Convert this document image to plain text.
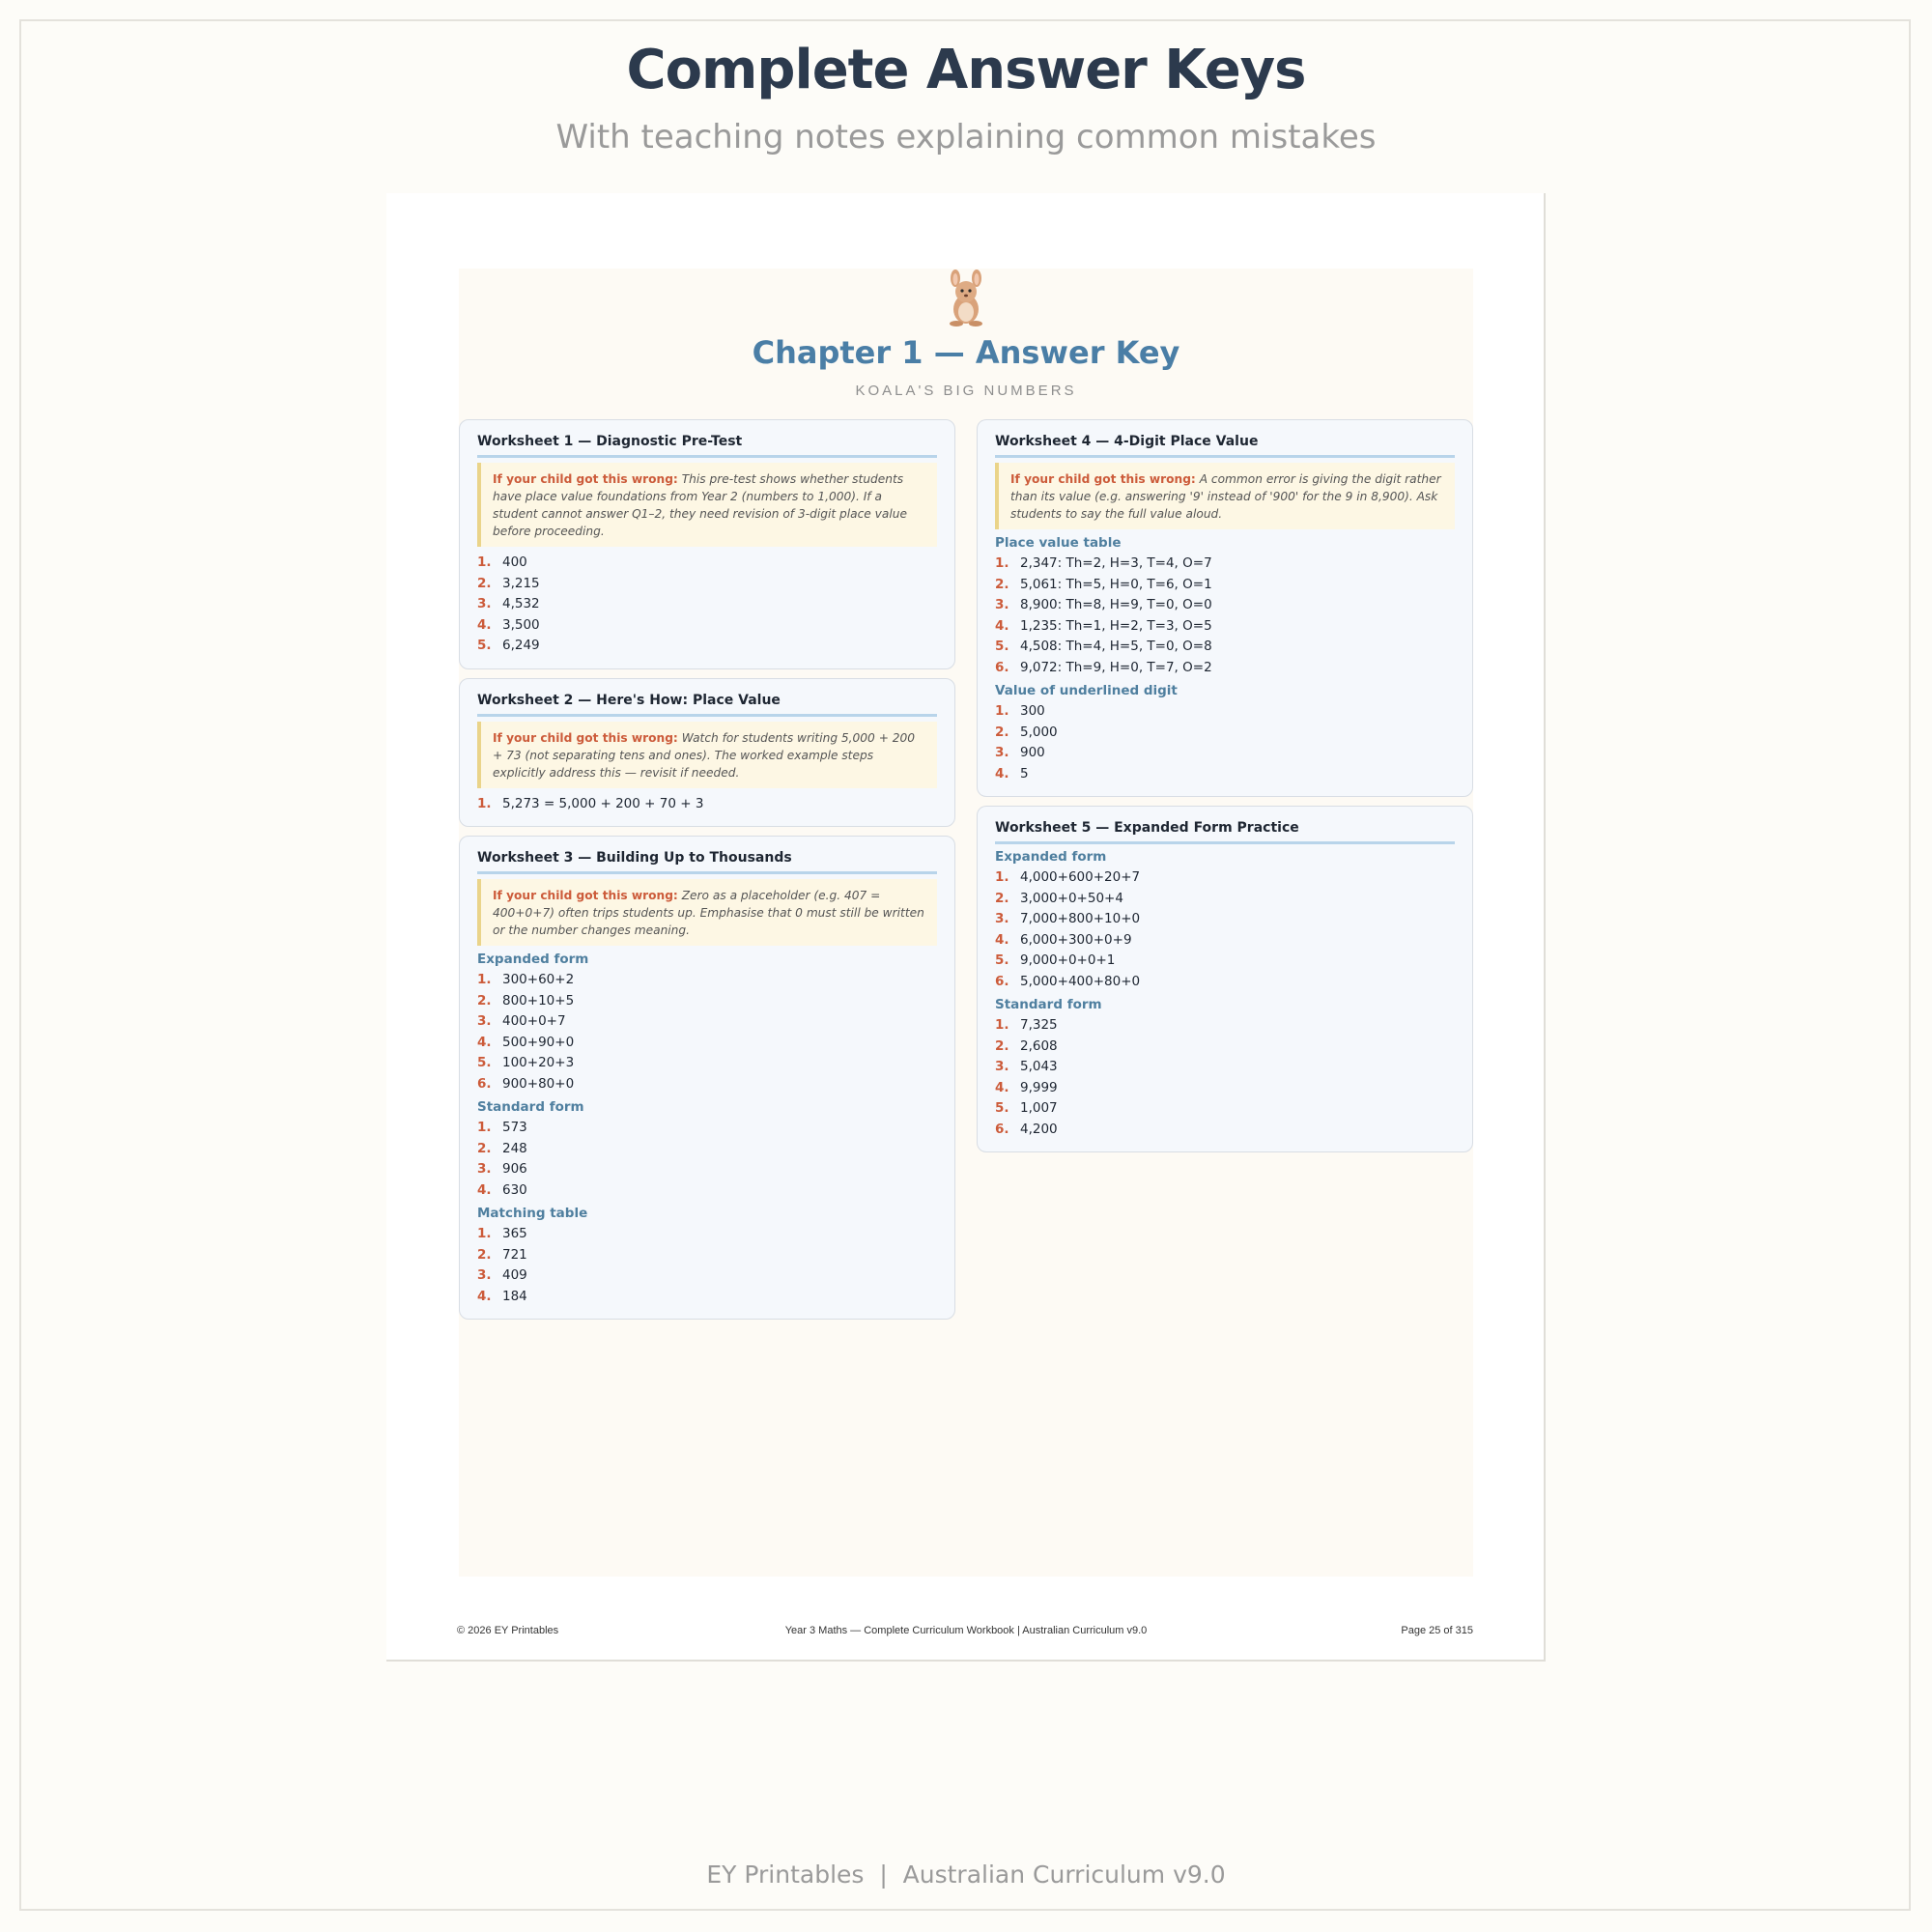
Complete Answer Keys
With teaching notes explaining common mistakes
Chapter 1 — Answer Key
KOALA'S BIG NUMBERS
Worksheet 1 — Diagnostic Pre-Test
If your child got this wrong: This pre-test shows whether students have place value foundations from Year 2 (numbers to 1,000). If a student cannot answer Q1–2, they need revision of 3-digit place value before proceeding.
1. 400
2. 3,215
3. 4,532
4. 3,500
5. 6,249
Worksheet 2 — Here's How: Place Value
If your child got this wrong: Watch for students writing 5,000 + 200 + 73 (not separating tens and ones). The worked example steps explicitly address this — revisit if needed.
1. 5,273 = 5,000 + 200 + 70 + 3
Worksheet 3 — Building Up to Thousands
If your child got this wrong: Zero as a placeholder (e.g. 407 = 400+0+7) often trips students up. Emphasise that 0 must still be written or the number changes meaning.
Expanded form
1. 300+60+2
2. 800+10+5
3. 400+0+7
4. 500+90+0
5. 100+20+3
6. 900+80+0
Standard form
1. 573
2. 248
3. 906
4. 630
Matching table
1. 365
2. 721
3. 409
4. 184
Worksheet 4 — 4-Digit Place Value
If your child got this wrong: A common error is giving the digit rather than its value (e.g. answering '9' instead of '900' for the 9 in 8,900). Ask students to say the full value aloud.
Place value table
1. 2,347: Th=2, H=3, T=4, O=7
2. 5,061: Th=5, H=0, T=6, O=1
3. 8,900: Th=8, H=9, T=0, O=0
4. 1,235: Th=1, H=2, T=3, O=5
5. 4,508: Th=4, H=5, T=0, O=8
6. 9,072: Th=9, H=0, T=7, O=2
Value of underlined digit
1. 300
2. 5,000
3. 900
4. 5
Worksheet 5 — Expanded Form Practice
Expanded form
1. 4,000+600+20+7
2. 3,000+0+50+4
3. 7,000+800+10+0
4. 6,000+300+0+9
5. 9,000+0+0+1
6. 5,000+400+80+0
Standard form
1. 7,325
2. 2,608
3. 5,043
4. 9,999
5. 1,007
6. 4,200
© 2026 EY Printables	Year 3 Maths — Complete Curriculum Workbook | Australian Curriculum v9.0	Page 25 of 315
EY Printables  |  Australian Curriculum v9.0
